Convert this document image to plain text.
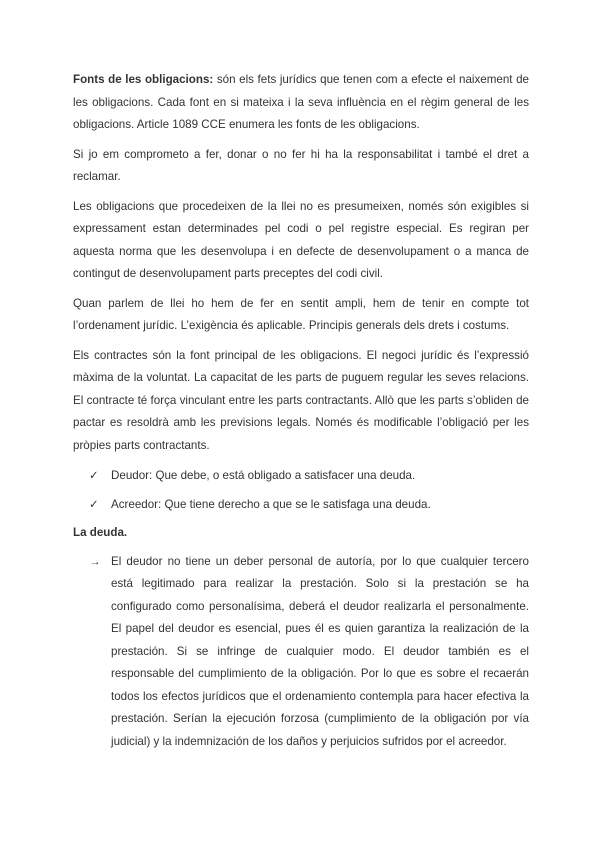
Fonts de les obligacions: són els fets jurídics que tenen com a efecte el naixement de les obligacions. Cada font en si mateixa i la seva influència en el règim general de les obligacions. Article 1089 CCE enumera les fonts de les obligacions.

Si jo em comprometo a fer, donar o no fer hi ha la responsabilitat i també el dret a reclamar.

Les obligacions que procedeixen de la llei no es presumeixen, només són exigibles si expressament estan determinades pel codi o pel registre especial. Es regiran per aquesta norma que les desenvolupa i en defecte de desenvolupament o a manca de contingut de desenvolupament parts preceptes del codi civil.

Quan parlem de llei ho hem de fer en sentit ampli, hem de tenir en compte tot l’ordenament jurídic. L’exigència és aplicable. Principis generals dels drets i costums.

Els contractes són la font principal de les obligacions. El negoci jurídic és l’expressió màxima de la voluntat. La capacitat de les parts de puguem regular les seves relacions. El contracte té força vinculant entre les parts contractants. Allò que les parts s’obliden de pactar es resoldrà amb les previsions legals. Només és modificable l’obligació per les pròpies parts contractants.

✓ Deudor: Que debe, o está obligado a satisfacer una deuda.
✓ Acreedor: Que tiene derecho a que se le satisfaga una deuda.
La deuda.
→ El deudor no tiene un deber personal de autoría, por lo que cualquier tercero está legitimado para realizar la prestación. Solo si la prestación se ha configurado como personalísima, deberá el deudor realizarla el personalmente. El papel del deudor es esencial, pues él es quien garantiza la realización de la prestación. Si se infringe de cualquier modo. El deudor también es el responsable del cumplimiento de la obligación. Por lo que es sobre el recaerán todos los efectos jurídicos que el ordenamiento contempla para hacer efectiva la prestación. Serían la ejecución forzosa (cumplimiento de la obligación por vía judicial) y la indemnización de los daños y perjuicios sufridos por el acreedor.
